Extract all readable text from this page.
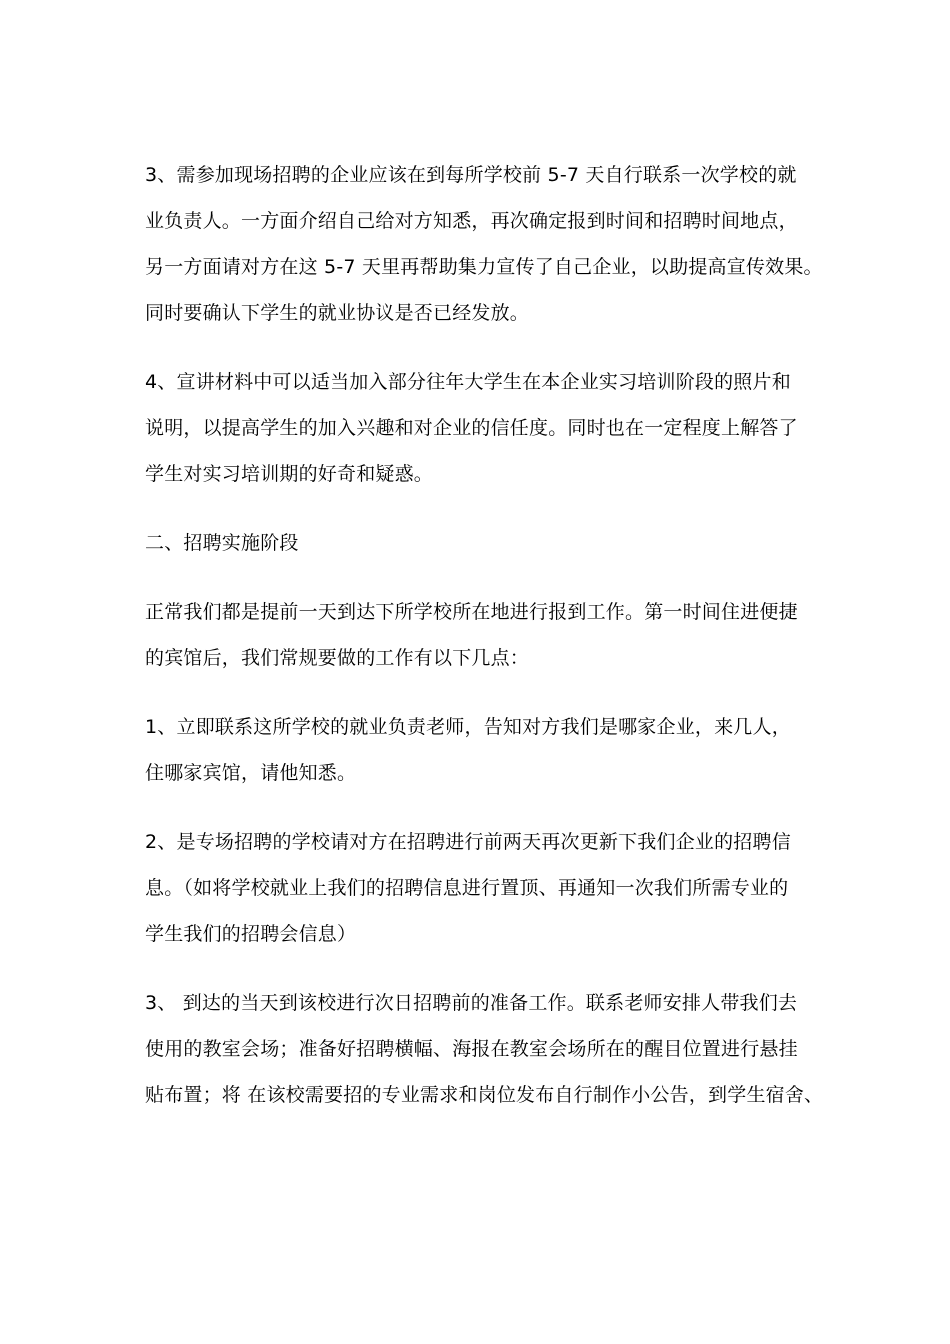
3、需参加现场招聘的企业应该在到每所学校前 5-7 天自行联系一次学校的就
业负责人。一方面介绍自己给对方知悉，再次确定报到时间和招聘时间地点，
另一方面请对方在这 5-7 天里再帮助集力宣传了自己企业，以助提高宣传效果。
同时要确认下学生的就业协议是否已经发放。
4、宣讲材料中可以适当加入部分往年大学生在本企业实习培训阶段的照片和
说明，以提高学生的加入兴趣和对企业的信任度。同时也在一定程度上解答了
学生对实习培训期的好奇和疑惑。
二、招聘实施阶段
正常我们都是提前一天到达下所学校所在地进行报到工作。第一时间住进便捷
的宾馆后，我们常规要做的工作有以下几点：
1、立即联系这所学校的就业负责老师，告知对方我们是哪家企业，来几人，
住哪家宾馆，请他知悉。
2、是专场招聘的学校请对方在招聘进行前两天再次更新下我们企业的招聘信
息。（如将学校就业上我们的招聘信息进行置顶、再通知一次我们所需专业的
学生我们的招聘会信息）
3、 到达的当天到该校进行次日招聘前的准备工作。联系老师安排人带我们去
使用的教室会场；准备好招聘横幅、海报在教室会场所在的醒目位置进行悬挂
贴布置；将 在该校需要招的专业需求和岗位发布自行制作小公告，到学生宿舍、
